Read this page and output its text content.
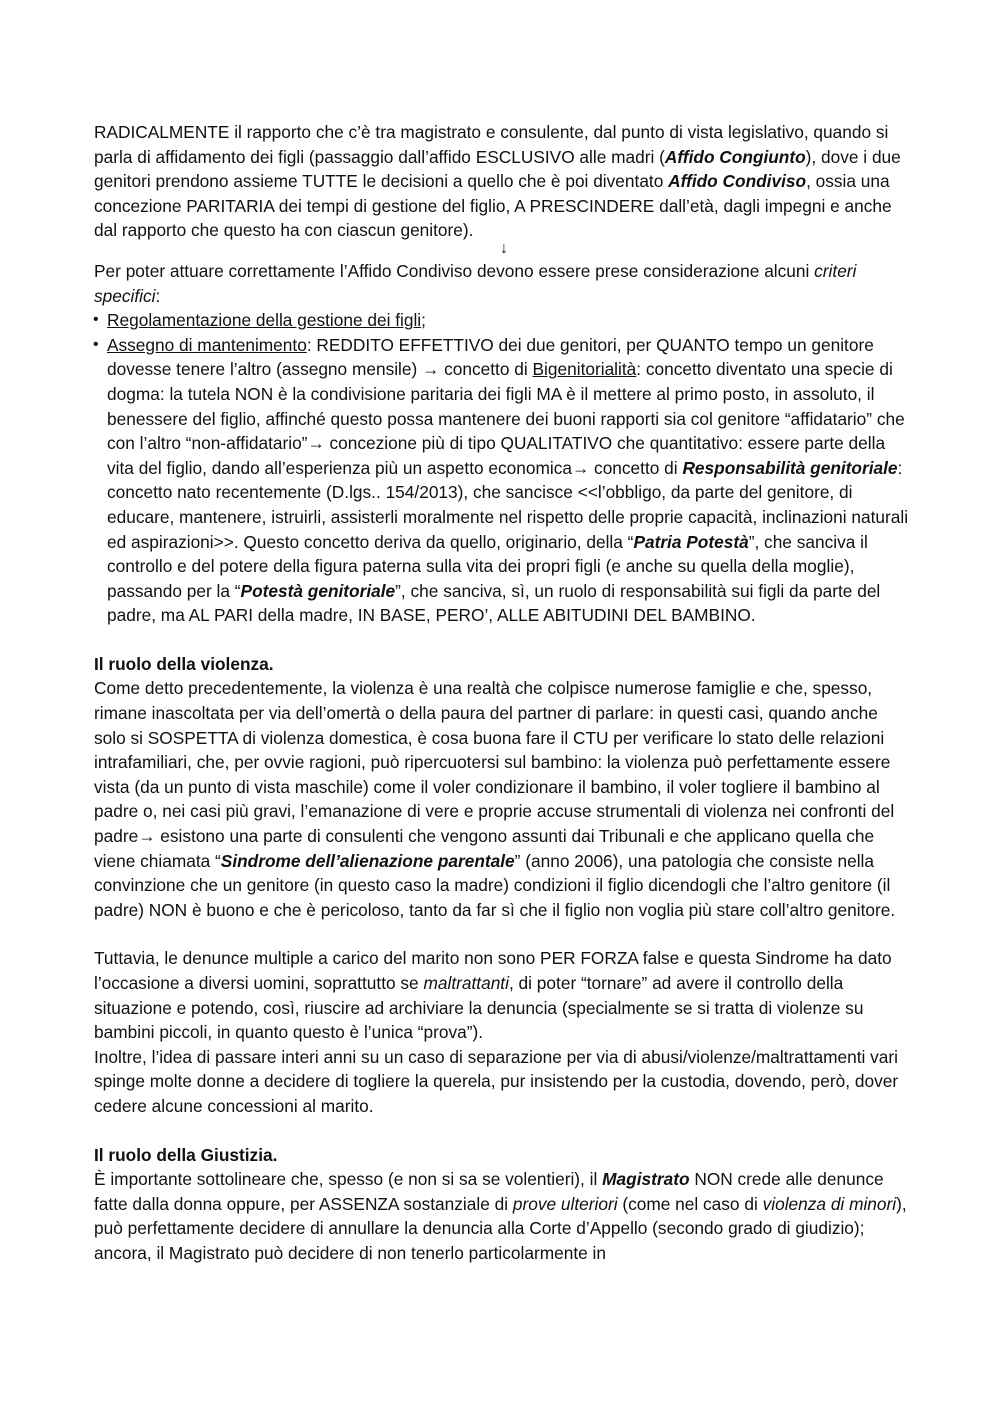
RADICALMENTE il rapporto che c’è tra magistrato e consulente, dal punto di vista legislativo, quando si parla di affidamento dei figli (passaggio dall’affido ESCLUSIVO alle madri (Affido Congiunto), dove i due genitori prendono assieme TUTTE le decisioni a quello che è poi diventato Affido Condiviso, ossia una concezione PARITARIA dei tempi di gestione del figlio, A PRESCINDERE dall’età, dagli impegni e anche dal rapporto che questo ha con ciascun genitore).

↓

Per poter attuare correttamente l’Affido Condiviso devono essere prese considerazione alcuni criteri specifici:

• Regolamentazione della gestione dei figli;
• Assegno di mantenimento: REDDITO EFFETTIVO dei due genitori, per QUANTO tempo un genitore dovesse tenere l’altro (assegno mensile) → concetto di Bigenitorialità: concetto diventato una specie di dogma: la tutela NON è la condivisione paritaria dei figli MA è il mettere al primo posto, in assoluto, il benessere del figlio, affinché questo possa mantenere dei buoni rapporti sia col genitore “affidatario” che con l’altro “non-affidatario”→ concezione più di tipo QUALITATIVO che quantitativo: essere parte della vita del figlio, dando all’esperienza più un aspetto economica→ concetto di Responsabilità genitoriale: concetto nato recentemente (D.lgs.. 154/2013), che sancisce <<l’obbligo, da parte del genitore, di educare, mantenere, istruirli, assisterli moralmente nel rispetto delle proprie capacità, inclinazioni naturali ed aspirazioni>>. Questo concetto deriva da quello, originario, della “Patria Potestà”, che sanciva il controllo e del potere della figura paterna sulla vita dei propri figli (e anche su quella della moglie), passando per la “Potestà genitoriale”, che sanciva, sì, un ruolo di responsabilità sui figli da parte del padre, ma AL PARI della madre, IN BASE, PERO’, ALLE ABITUDINI DEL BAMBINO.
Il ruolo della violenza.

Come detto precedentemente, la violenza è una realtà che colpisce numerose famiglie e che, spesso, rimane inascoltata per via dell’omertà o della paura del partner di parlare: in questi casi, quando anche solo si SOSPETTA di violenza domestica, è cosa buona fare il CTU per verificare lo stato delle relazioni intrafamiliari, che, per ovvie ragioni, può ripercuotersi sul bambino: la violenza può perfettamente essere vista (da un punto di vista maschile) come il voler condizionare il bambino, il voler togliere il bambino al padre o, nei casi più gravi, l’emanazione di vere e proprie accuse strumentali di violenza nei confronti del padre→ esistono una parte di consulenti che vengono assunti dai Tribunali e che applicano quella che viene chiamata “Sindrome dell’alienazione parentale” (anno 2006), una patologia che consiste nella convinzione che un genitore (in questo caso la madre) condizioni il figlio dicendogli che l’altro genitore (il padre) NON è buono e che è pericoloso, tanto da far sì che il figlio non voglia più stare coll’altro genitore.

Tuttavia, le denunce multiple a carico del marito non sono PER FORZA false e questa Sindrome ha dato l’occasione a diversi uomini, soprattutto se maltrattanti, di poter “tornare” ad avere il controllo della situazione e potendo, così, riuscire ad archiviare la denuncia (specialmente se si tratta di violenze su bambini piccoli, in quanto questo è l’unica “prova”).

Inoltre, l’idea di passare interi anni su un caso di separazione per via di abusi/violenze/maltrattamenti vari spinge molte donne a decidere di togliere la querela, pur insistendo per la custodia, dovendo, però, dover cedere alcune concessioni al marito.

Il ruolo della Giustizia.

È importante sottolineare che, spesso (e non si sa se volentieri), il Magistrato NON crede alle denunce fatte dalla donna oppure, per ASSENZA sostanziale di prove ulteriori (come nel caso di violenza di minori), può perfettamente decidere di annullare la denuncia alla Corte d’Appello (secondo grado di giudizio); ancora, il Magistrato può decidere di non tenerlo particolarmente in
